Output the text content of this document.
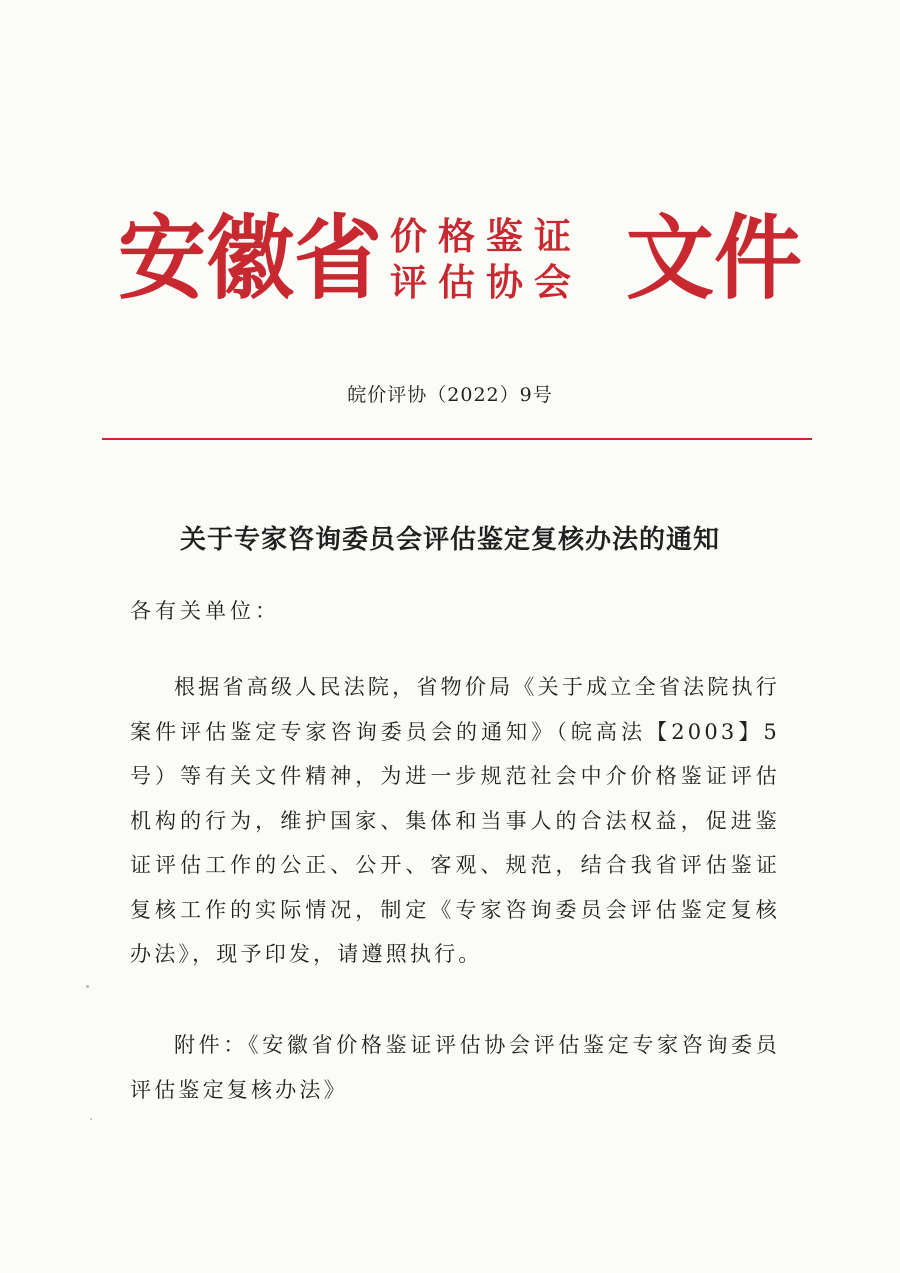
安徽省 价格鉴证
评估协会 文件
皖价评协（2022）9号
关于专家咨询委员会评估鉴定复核办法的通知
各有关单位：

根据省高级人民法院，省物价局《关于成立全省法院执行案件评估鉴定专家咨询委员会的通知》（皖高法【2003】5号）等有关文件精神，为进一步规范社会中介价格鉴证评估机构的行为，维护国家、集体和当事人的合法权益，促进鉴证评估工作的公正、公开、客观、规范，结合我省评估鉴证复核工作的实际情况，制定《专家咨询委员会评估鉴定复核办法》，现予印发，请遵照执行。

附件：《安徽省价格鉴证评估协会评估鉴定专家咨询委员评估鉴定复核办法》
